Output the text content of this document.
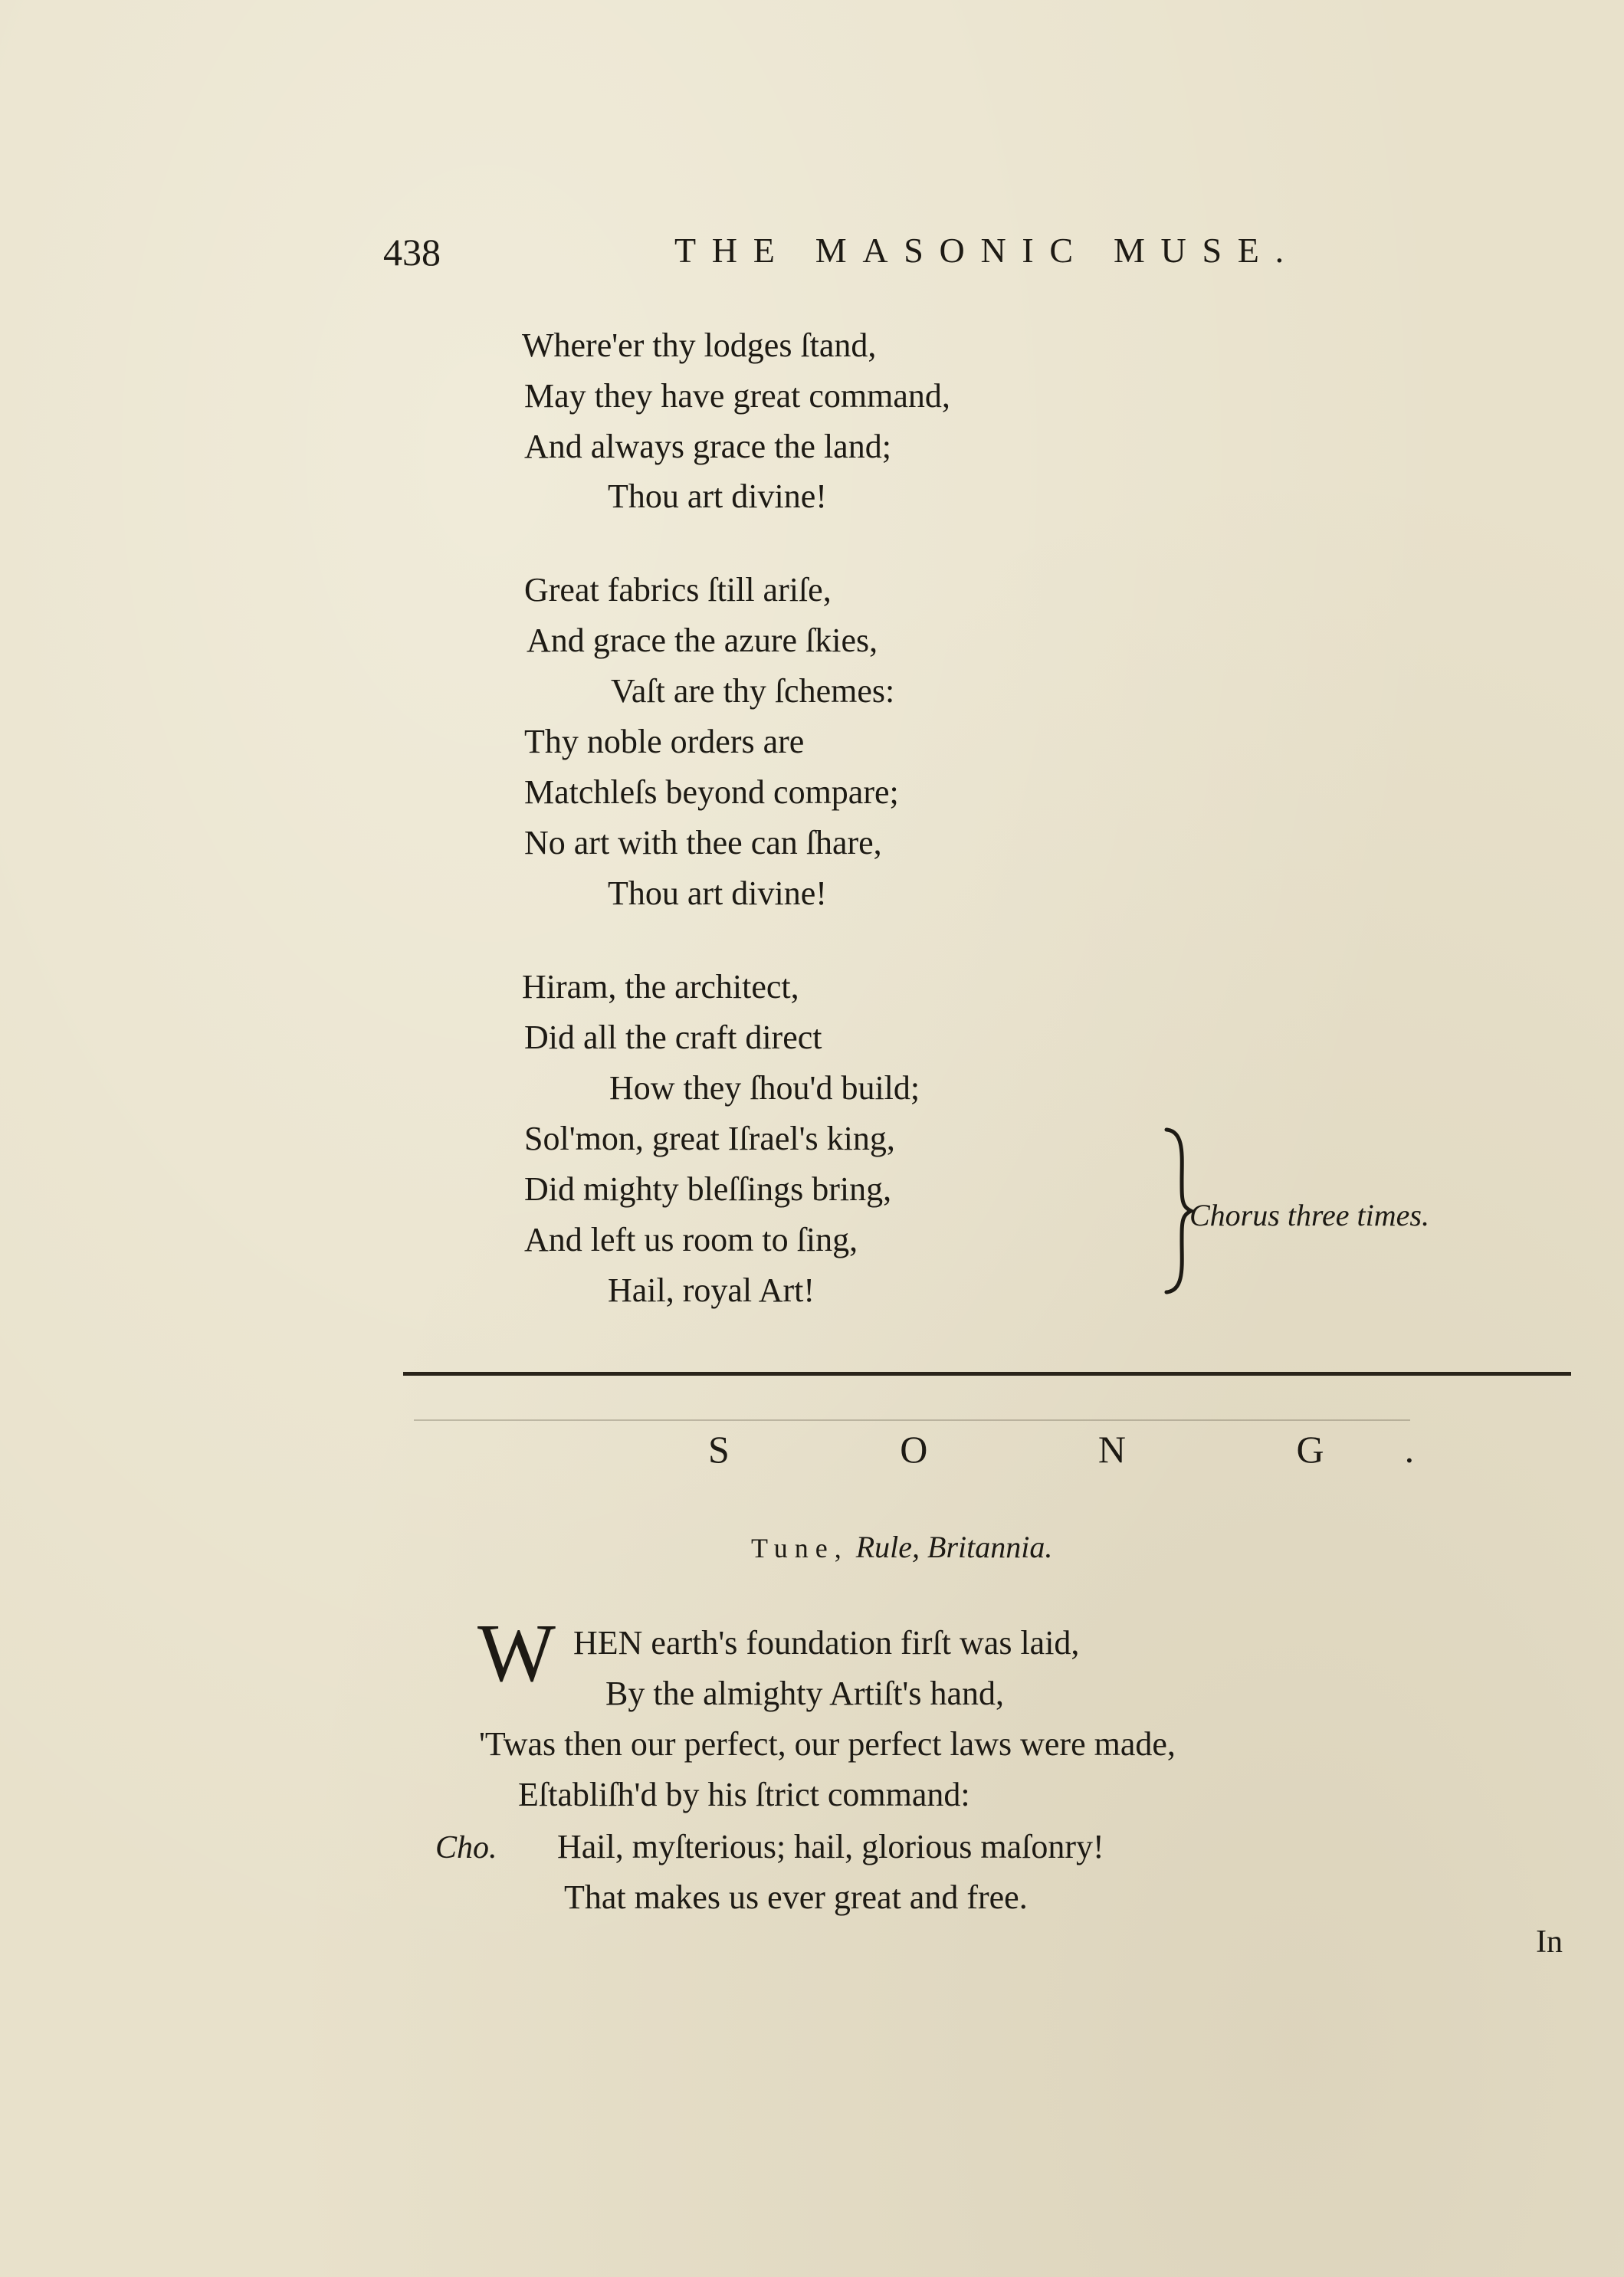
438	THE MASONIC MUSE.
Where'er thy lodges ſtand,
May they have great command,
And always grace the land;
Thou art divine!
Great fabrics ſtill ariſe,
And grace the azure ſkies,
Vaſt are thy ſchemes:
Thy noble orders are
Matchleſs beyond compare;
No art with thee can ſhare,
Thou art divine!
Hiram, the architect,
Did all the craft direct
How they ſhou'd build;
Sol'mon, great Iſrael's king,
Did mighty bleſſings bring,
And left us room to ſing,
Hail, royal Art!
Chorus three times.
S O N G.
Tune, Rule, Britannia.
W HEN earth's foundation firſt was laid,
By the almighty Artiſt's hand,
'Twas then our perfect, our perfect laws were made,
Eſtabliſh'd by his ſtrict command:
Cho. Hail, myſterious; hail, glorious maſonry!
That makes us ever great and free.
In
